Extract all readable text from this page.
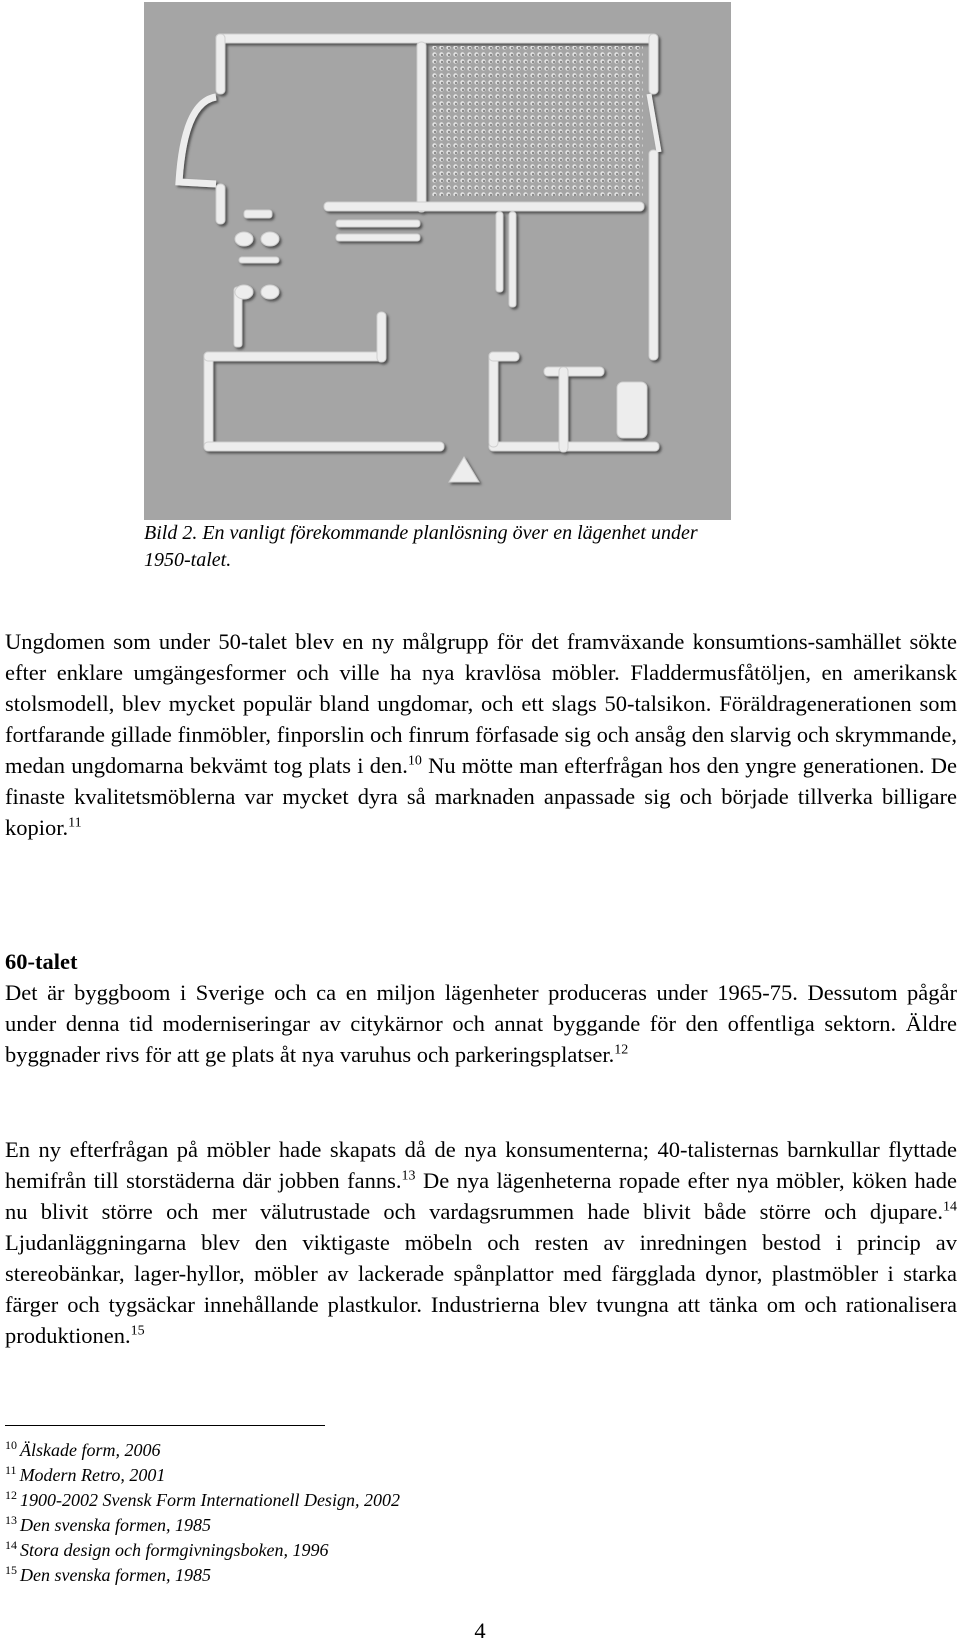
Bild 2. En vanligt förekommande planlösning över en lägenhet under 1950-talet.

Ungdomen som under 50-talet blev en ny målgrupp för det framväxande konsumtions-samhället sökte efter enklare umgängesformer och ville ha nya kravlösa möbler. Fladdermusfåtöljen, en amerikansk stolsmodell, blev mycket populär bland ungdomar, och ett slags 50-talsikon. Föräldragenerationen som fortfarande gillade finmöbler, finporslin och finrum förfasade sig och ansåg den slarvig och skrymmande, medan ungdomarna bekvämt tog plats i den.$^{10}$ Nu mötte man efterfrågan hos den yngre generationen. De finaste kvalitetsmöblerna var mycket dyra så marknaden anpassade sig och började tillverka billigare kopior.$^{11}$

60-talet

Det är byggboom i Sverige och ca en miljon lägenheter produceras under 1965-75. Dessutom pågår under denna tid moderniseringar av citykärnor och annat byggande för den offentliga sektorn. Äldre byggnader rivs för att ge plats åt nya varuhus och parkeringsplatser.$^{12}$

En ny efterfrågan på möbler hade skapats då de nya konsumenterna; 40-talisternas barnkullar flyttade hemifrån till storstäderna där jobben fanns.$^{13}$ De nya lägenheterna ropade efter nya möbler, köken hade nu blivit större och mer välutrustade och vardagsrummen hade blivit både större och djupare.$^{14}$ Ljudanläggningarna blev den viktigaste möbeln och resten av inredningen bestod i princip av stereobänkar, lager-hyllor, möbler av lackerade spånplattor med färgglada dynor, plastmöbler i starka färger och tygsäckar innehållande plastkulor. Industrierna blev tvungna att tänka om och rationalisera produktionen.$^{15}$

$^{10}$ Älskade form, 2006
$^{11}$ Modern Retro, 2001
$^{12}$ 1900-2002 Svensk Form Internationell Design, 2002
$^{13}$ Den svenska formen, 1985
$^{14}$ Stora design och formgivningsboken, 1996
$^{15}$ Den svenska formen, 1985
4
